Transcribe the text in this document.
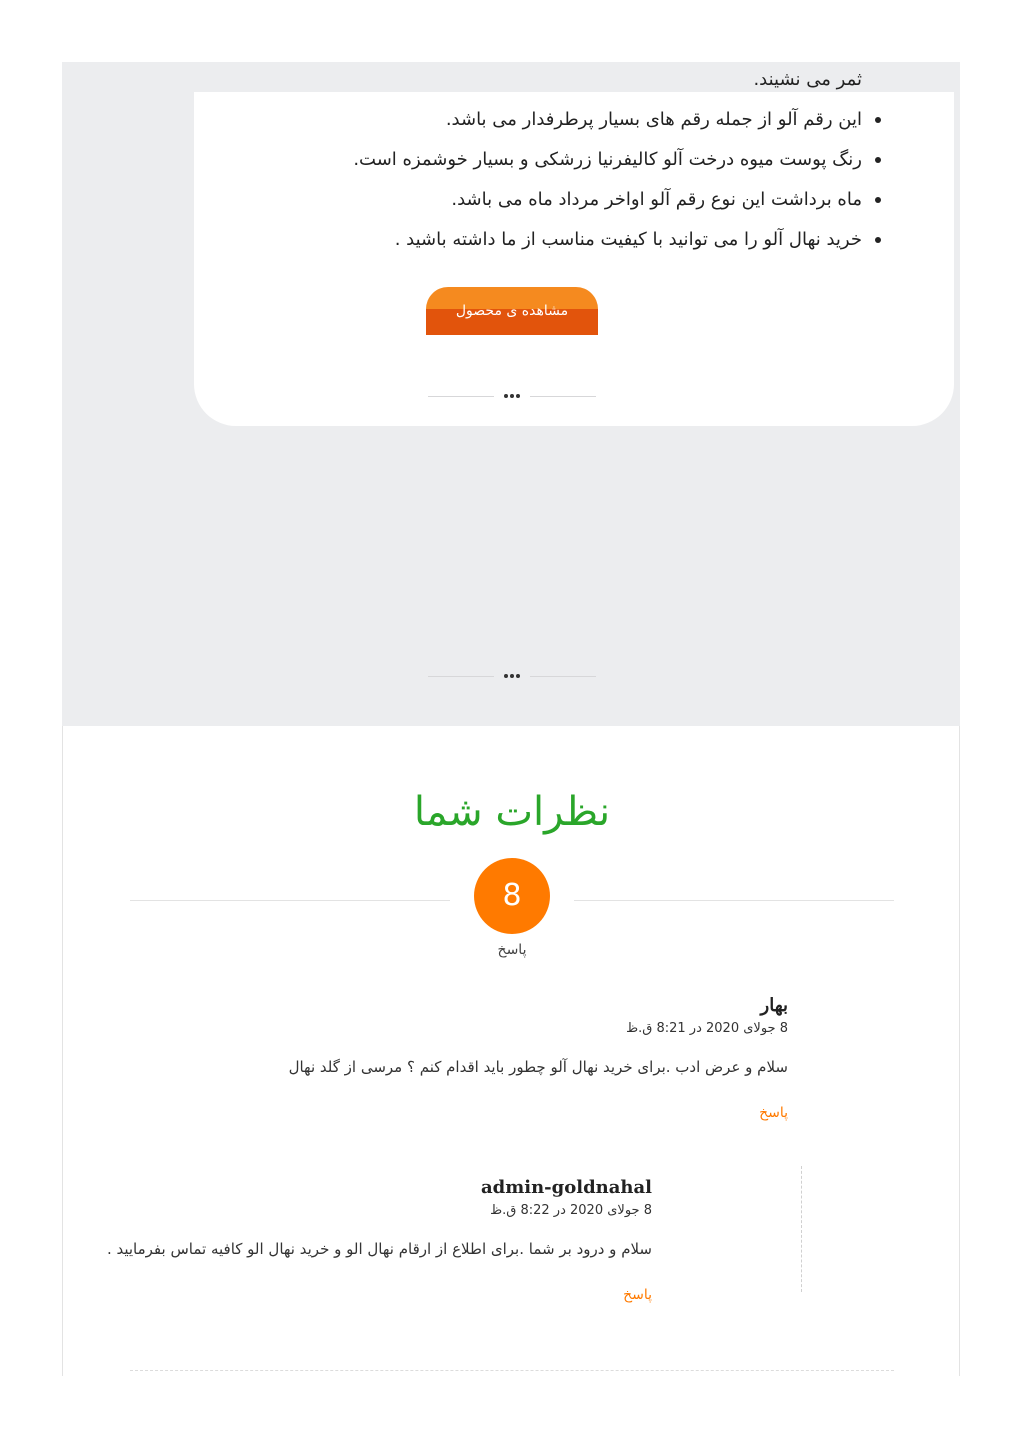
ثمر می نشیند.
این رقم آلو از جمله رقم های بسیار پرطرفدار می باشد.
رنگ پوست میوه درخت آلو کالیفرنیا زرشکی و بسیار خوشمزه است.
ماه برداشت این نوع رقم آلو اواخر مرداد ماه می باشد.
خرید نهال آلو را می توانید با کیفیت مناسب از ما داشته باشید .
مشاهده ی محصول
نظرات شما
8
پاسخ
بهار
8 جولای 2020 در 8:21 ق.ظ
سلام و عرض ادب .برای خرید نهال آلو چطور باید اقدام کنم ؟ مرسی از گلد نهال
پاسخ
admin-goldnahal
8 جولای 2020 در 8:22 ق.ظ
سلام و درود بر شما .برای اطلاع از ارقام نهال الو و خرید نهال الو کافیه تماس بفرمایید .
پاسخ
